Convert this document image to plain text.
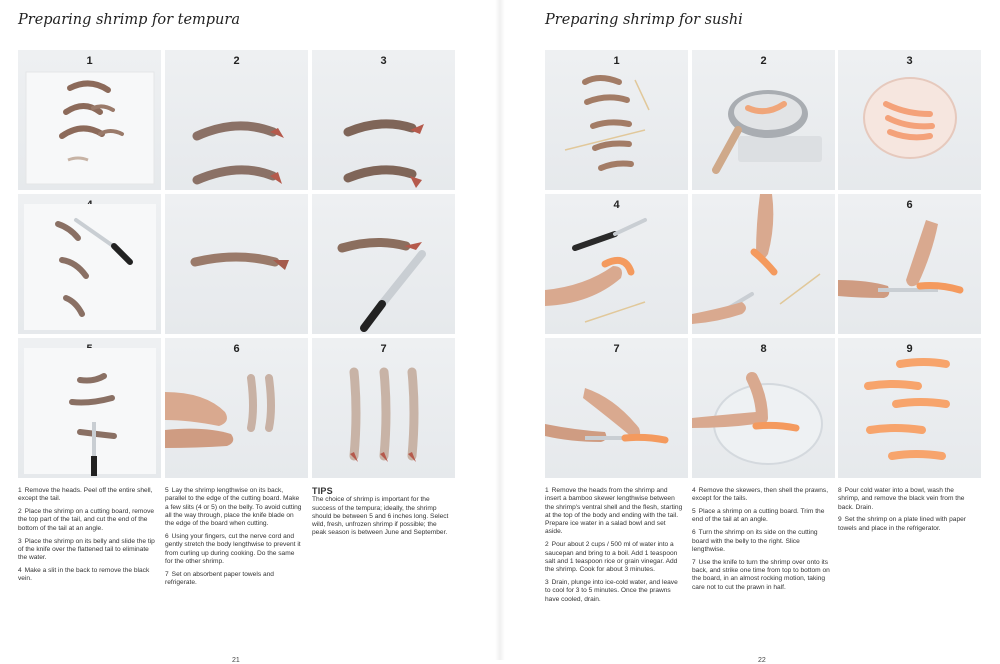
Preparing shrimp for tempura
1	2	3
6	7

1 Remove the heads. Peel off the entire shell, except the tail.

2 Place the shrimp on a cutting board, remove the top part of the tail, and cut the end of the bottom of the tail at an angle.

3 Place the shrimp on its belly and slide the tip of the knife over the flattened tail to eliminate the water.

4 Make a slit in the back to remove the black vein.

5 Lay the shrimp lengthwise on its back, parallel to the edge of the cutting board. Make a few slits (4 or 5) on the belly. To avoid cutting all the way through, place the knife blade on the edge of the board when cutting.

6 Using your fingers, cut the nerve cord and gently stretch the body lengthwise to prevent it from curling up during cooking. Do the same for the other shrimp.

7 Set on absorbent paper towels and refrigerate.

TIPS

The choice of shrimp is important for the success of the tempura; ideally, the shrimp should be between 5 and 6 inches long. Select wild, fresh, unfrozen shrimp if possible; the peak season is between June and September.

21
Preparing shrimp for sushi
1	2	3
4	6
7	8	9

1 Remove the heads from the shrimp and insert a bamboo skewer lengthwise between the shrimp's ventral shell and the flesh, starting at the top of the body and ending with the tail. Prepare ice water in a salad bowl and set aside.

2 Pour about 2 cups / 500 ml of water into a saucepan and bring to a boil. Add 1 teaspoon salt and 1 teaspoon rice or grain vinegar. Add the shrimp. Cook for about 3 minutes.

3 Drain, plunge into ice-cold water, and leave to cool for 3 to 5 minutes. Once the prawns have cooled, drain.

4 Remove the skewers, then shell the prawns, except for the tails.

5 Place a shrimp on a cutting board. Trim the end of the tail at an angle.

6 Turn the shrimp on its side on the cutting board with the belly to the right. Slice lengthwise.

7 Use the knife to turn the shrimp over onto its back, and strike one time from top to bottom on the board, in an almost rocking motion, taking care not to cut the prawn in half.

8 Pour cold water into a bowl, wash the shrimp, and remove the black vein from the back. Drain.

9 Set the shrimp on a plate lined with paper towels and place in the refrigerator.

22
